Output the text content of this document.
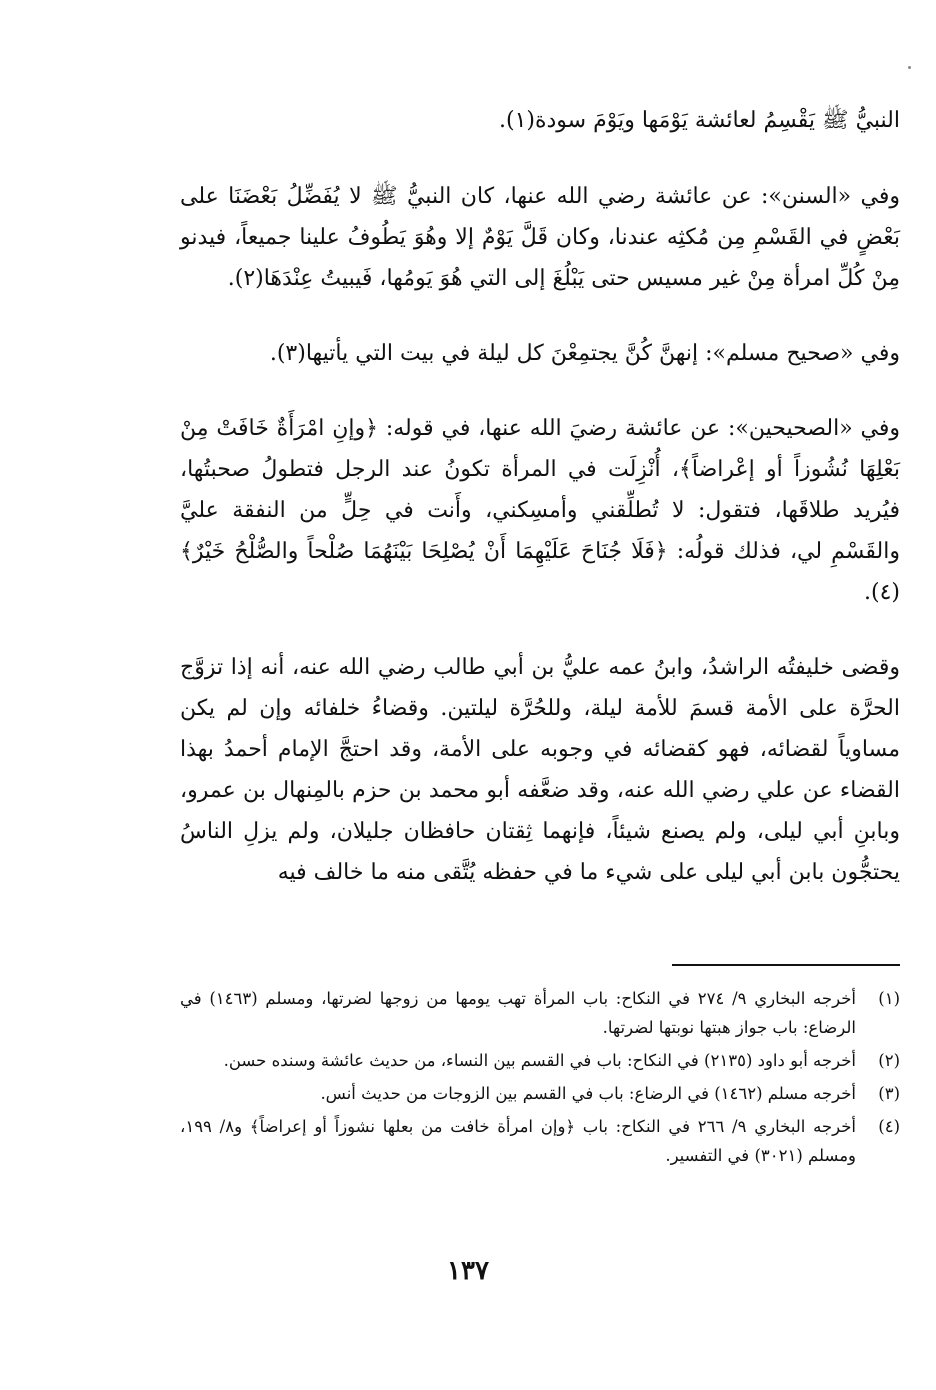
النبيُّ ﷺ يَقْسِمُ لعائشة يَوْمَها ويَوْمَ سودة(١).

وفي «السنن»: عن عائشة رضي الله عنها، كان النبيُّ ﷺ لا يُفَضِّلُ بَعْضَنَا على بَعْضٍ في القَسْمِ مِن مُكثِه عندنا، وكان قَلَّ يَوْمٌ إلا وهُوَ يَطُوفُ علينا جميعاً، فيدنو مِنْ كُلِّ امرأة مِنْ غير مسيس حتى يَبْلُغَ إلى التي هُوَ يَومُها، فَيبيتُ عِنْدَهَا(٢).

وفي «صحيح مسلم»: إنهنَّ كُنَّ يجتمِعْنَ كل ليلة في بيت التي يأتيها(٣).

وفي «الصحيحين»: عن عائشة رضيَ الله عنها، في قوله: ﴿وإنِ امْرَأَةٌ خَافَتْ مِنْ بَعْلِهَا نُشُوزاً أو إعْراضاً﴾، أُنْزِلَت في المرأة تكونُ عند الرجل فتطولُ صحبتُها، فيُريد طلاقَها، فتقول: لا تُطلِّقني وأمسِكني، وأَنت في حِلٍّ من النفقة عليَّ والقَسْمِ لي، فذلك قولُه: ﴿فَلَا جُنَاحَ عَلَيْهِمَا أَنْ يُصْلِحَا بَيْنَهُمَا صُلْحاً والصُّلْحُ خَيْرٌ﴾(٤).

وقضى خليفتُه الراشدُ، وابنُ عمه عليُّ بن أبي طالب رضي الله عنه، أنه إذا تزوَّج الحرَّة على الأمة قسمَ للأمة ليلة، وللحُرَّة ليلتين. وقضاءُ خلفائه وإن لم يكن مساوياً لقضائه، فهو كقضائه في وجوبه على الأمة، وقد احتجَّ الإمام أحمدُ بهذا القضاء عن علي رضي الله عنه، وقد ضعَّفه أبو محمد بن حزم بالمِنهال بن عمرو، وبابنِ أبي ليلى، ولم يصنع شيئاً، فإنهما ثِقتان حافظان جليلان، ولم يزلِ الناسُ يحتجُّون بابن أبي ليلى على شيء ما في حفظه يُتَّقى منه ما خالف فيه

(١)
أخرجه البخاري ٩/ ٢٧٤ في النكاح: باب المرأة تهب يومها من زوجها لضرتها، ومسلم (١٤٦٣) في الرضاع: باب جواز هبتها نوبتها لضرتها.
(٢)
أخرجه أبو داود (٢١٣٥) في النكاح: باب في القسم بين النساء، من حديث عائشة وسنده حسن.
(٣)
أخرجه مسلم (١٤٦٢) في الرضاع: باب في القسم بين الزوجات من حديث أنس.
(٤)
أخرجه البخاري ٩/ ٢٦٦ في النكاح: باب ﴿وإن امرأة خافت من بعلها نشوزاً أو إعراضاً﴾ و٨/ ١٩٩، ومسلم (٣٠٢١) في التفسير.
١٣٧
